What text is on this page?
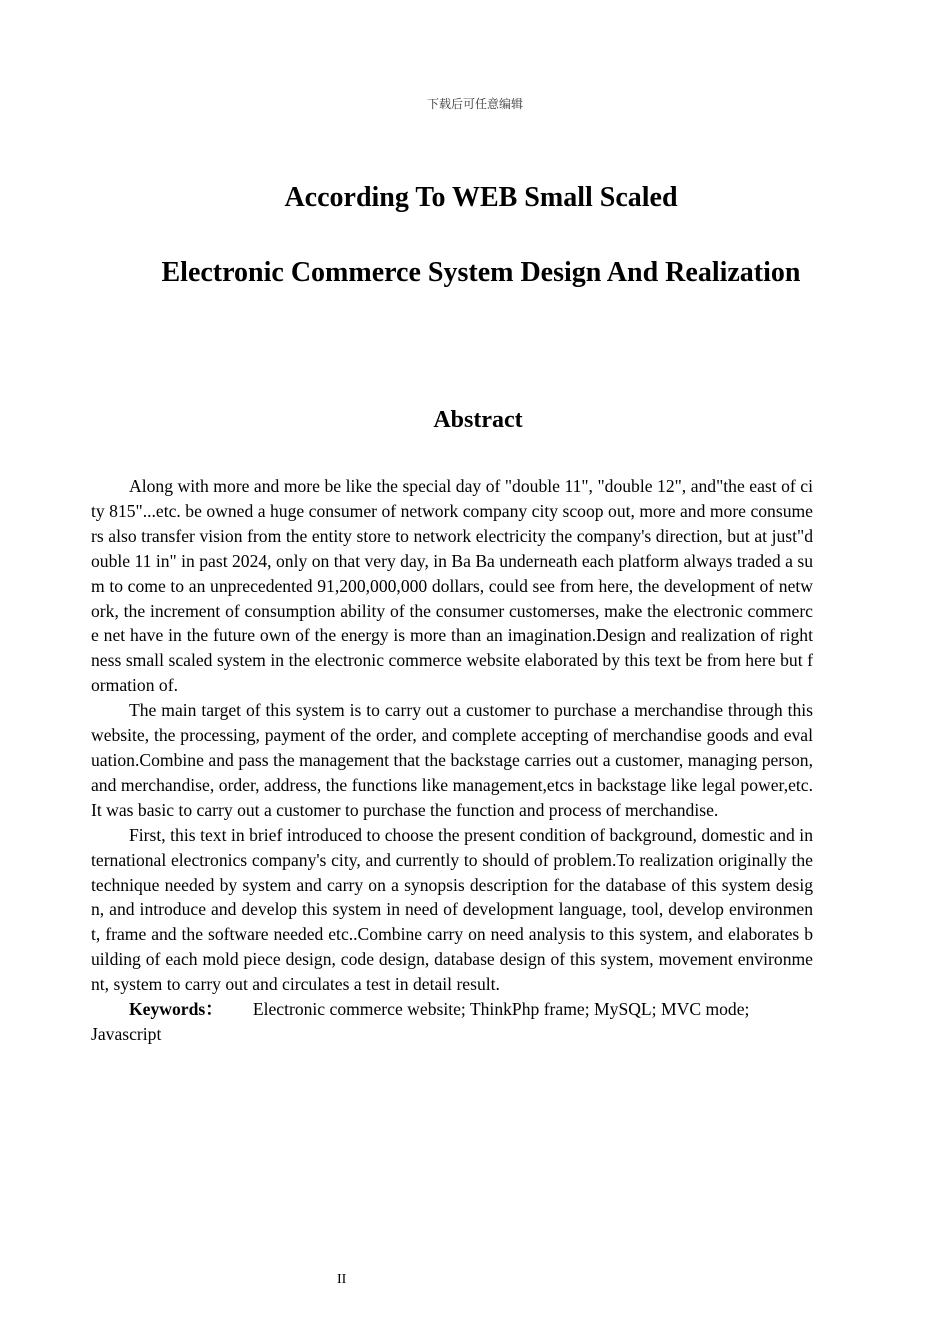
下载后可任意编辑
According To WEB Small Scaled
Electronic Commerce System Design And Realization
Abstract

Along with more and more be like the special day of "double 11", "double 12", and"the east of city 815"...etc. be owned a huge consumer of network company city scoop out, more and more consumers also transfer vision from the entity store to network electricity the company's direction, but at just"double 11 in" in past 2024, only on that very day, in Ba Ba underneath each platform always traded a sum to come to an unprecedented 91,200,000,000 dollars, could see from here, the development of network, the increment of consumption ability of the consumer customerses, make the electronic commerce net have in the future own of the energy is more than an imagination.Design and realization of rightness small scaled system in the electronic commerce website elaborated by this text be from here but formation of.

The main target of this system is to carry out a customer to purchase a merchandise through this website, the processing, payment of the order, and complete accepting of merchandise goods and evaluation.Combine and pass the management that the backstage carries out a customer, managing person, and merchandise, order, address, the functions like management,etcs in backstage like legal power,etc.It was basic to carry out a customer to purchase the function and process of merchandise.

First, this text in brief introduced to choose the present condition of background, domestic and international electronics company's city, and currently to should of problem.To realization originally the technique needed by system and carry on a synopsis description for the database of this system design, and introduce and develop this system in need of development language, tool, develop environment, frame and the software needed etc..Combine carry on need analysis to this system, and elaborates building of each mold piece design, code design, database design of this system, movement environment, system to carry out and circulates a test in detail result.

Keywords： Electronic commerce website; ThinkPhp frame; MySQL; MVC mode; Javascript

II
